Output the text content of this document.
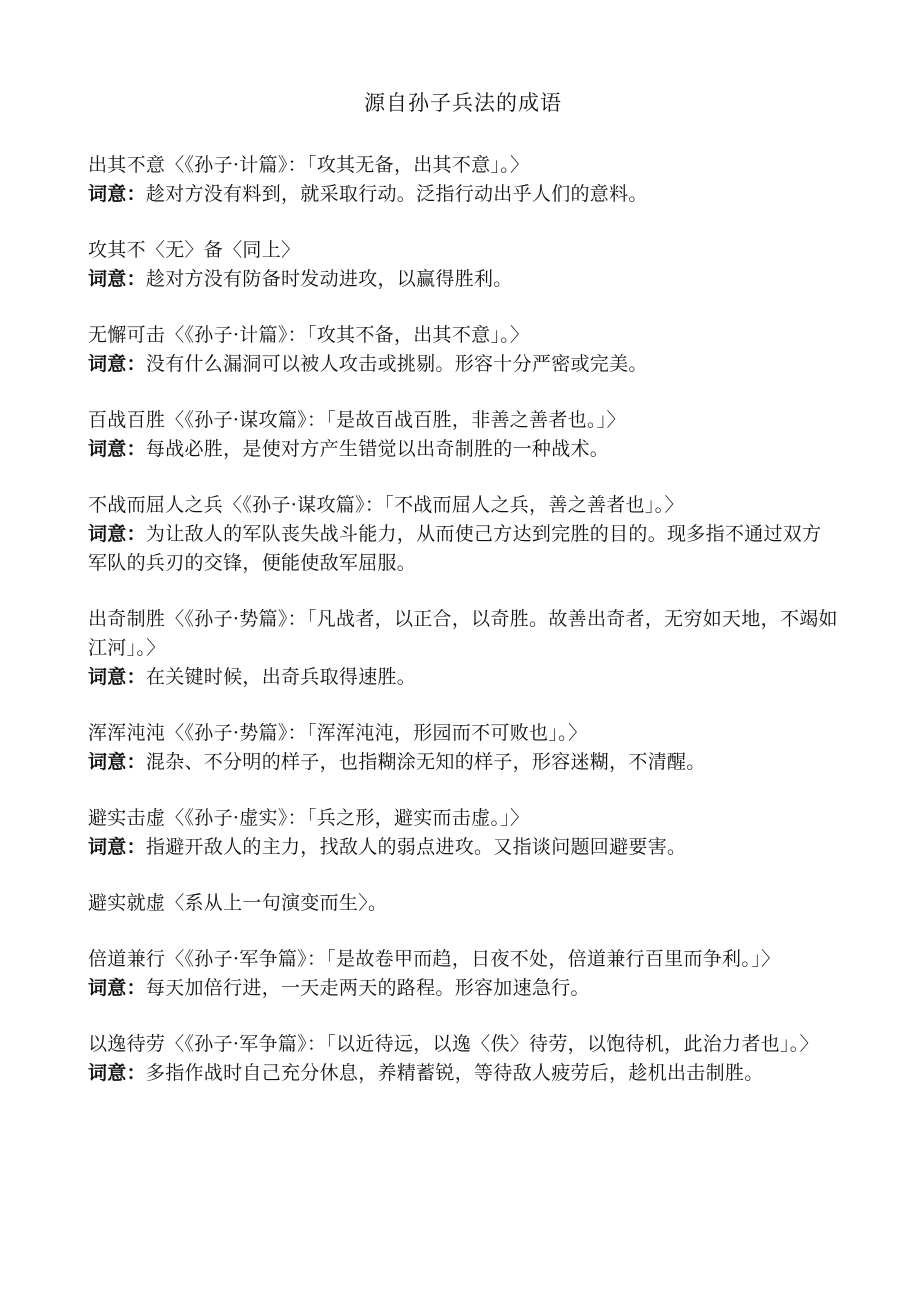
源自孙子兵法的成语

出其不意〈《孙子·计篇》：「攻其无备，出其不意」。〉

词意：趁对方没有料到，就采取行动。泛指行动出乎人们的意料。

攻其不〈无〉备〈同上〉

词意：趁对方没有防备时发动进攻，以赢得胜利。

无懈可击〈《孙子·计篇》：「攻其不备，出其不意」。〉

词意：没有什么漏洞可以被人攻击或挑剔。形容十分严密或完美。

百战百胜〈《孙子·谋攻篇》：「是故百战百胜，非善之善者也。」〉

词意：每战必胜，是使对方产生错觉以出奇制胜的一种战术。

不战而屈人之兵〈《孙子·谋攻篇》：「不战而屈人之兵，善之善者也」。〉

词意：为让敌人的军队丧失战斗能力，从而使己方达到完胜的目的。现多指不通过双方军队的兵刃的交锋，便能使敌军屈服。

出奇制胜〈《孙子·势篇》：「凡战者，以正合，以奇胜。故善出奇者，无穷如天地，不竭如江河」。〉

词意：在关键时候，出奇兵取得速胜。

浑浑沌沌〈《孙子·势篇》：「浑浑沌沌，形园而不可败也」。〉

词意：混杂、不分明的样子，也指糊涂无知的样子，形容迷糊，不清醒。

避实击虚〈《孙子·虚实》：「兵之形，避实而击虚。」〉

词意：指避开敌人的主力，找敌人的弱点进攻。又指谈问题回避要害。

避实就虚〈系从上一句演变而生〉。

倍道兼行〈《孙子·军争篇》：「是故卷甲而趋，日夜不处，倍道兼行百里而争利。」〉

词意：每天加倍行进，一天走两天的路程。形容加速急行。

以逸待劳〈《孙子·军争篇》：「以近待远，以逸〈佚〉待劳，以饱待机，此治力者也」。〉

词意：多指作战时自己充分休息，养精蓄锐，等待敌人疲劳后，趁机出击制胜。
